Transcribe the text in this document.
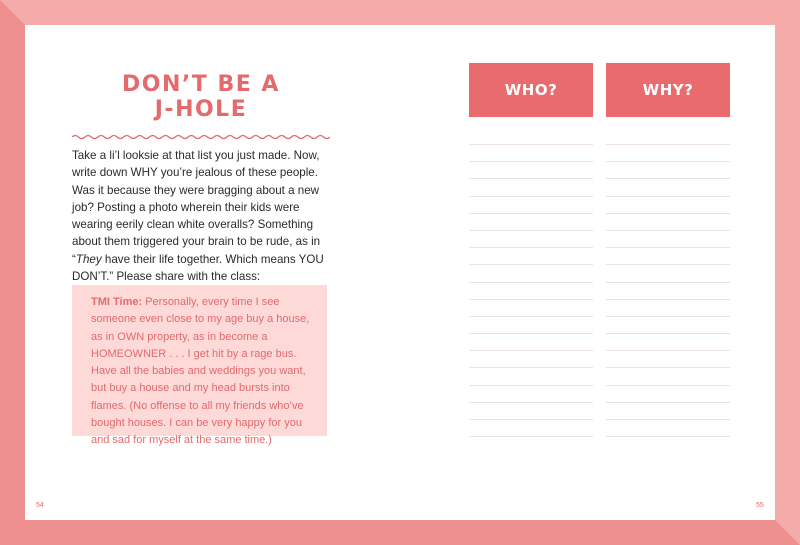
DON’T BE A
J-HOLE
Take a li’l looksie at that list you just made. Now, write down WHY you’re jealous of these people. Was it because they were bragging about a new job? Posting a photo wherein their kids were wearing eerily clean white overalls? Something about them triggered your brain to be rude, as in “They have their life together. Which means YOU DON’T.” Please share with the class:
TMI Time: Personally, every time I see someone even close to my age buy a house, as in OWN property, as in become a HOMEOWNER . . . I get hit by a rage bus. Have all the babies and weddings you want, but buy a house and my head bursts into flames. (No offense to all my friends who’ve bought houses. I can be very happy for you and sad for myself at the same time.)
54
WHO?	WHY?
55
